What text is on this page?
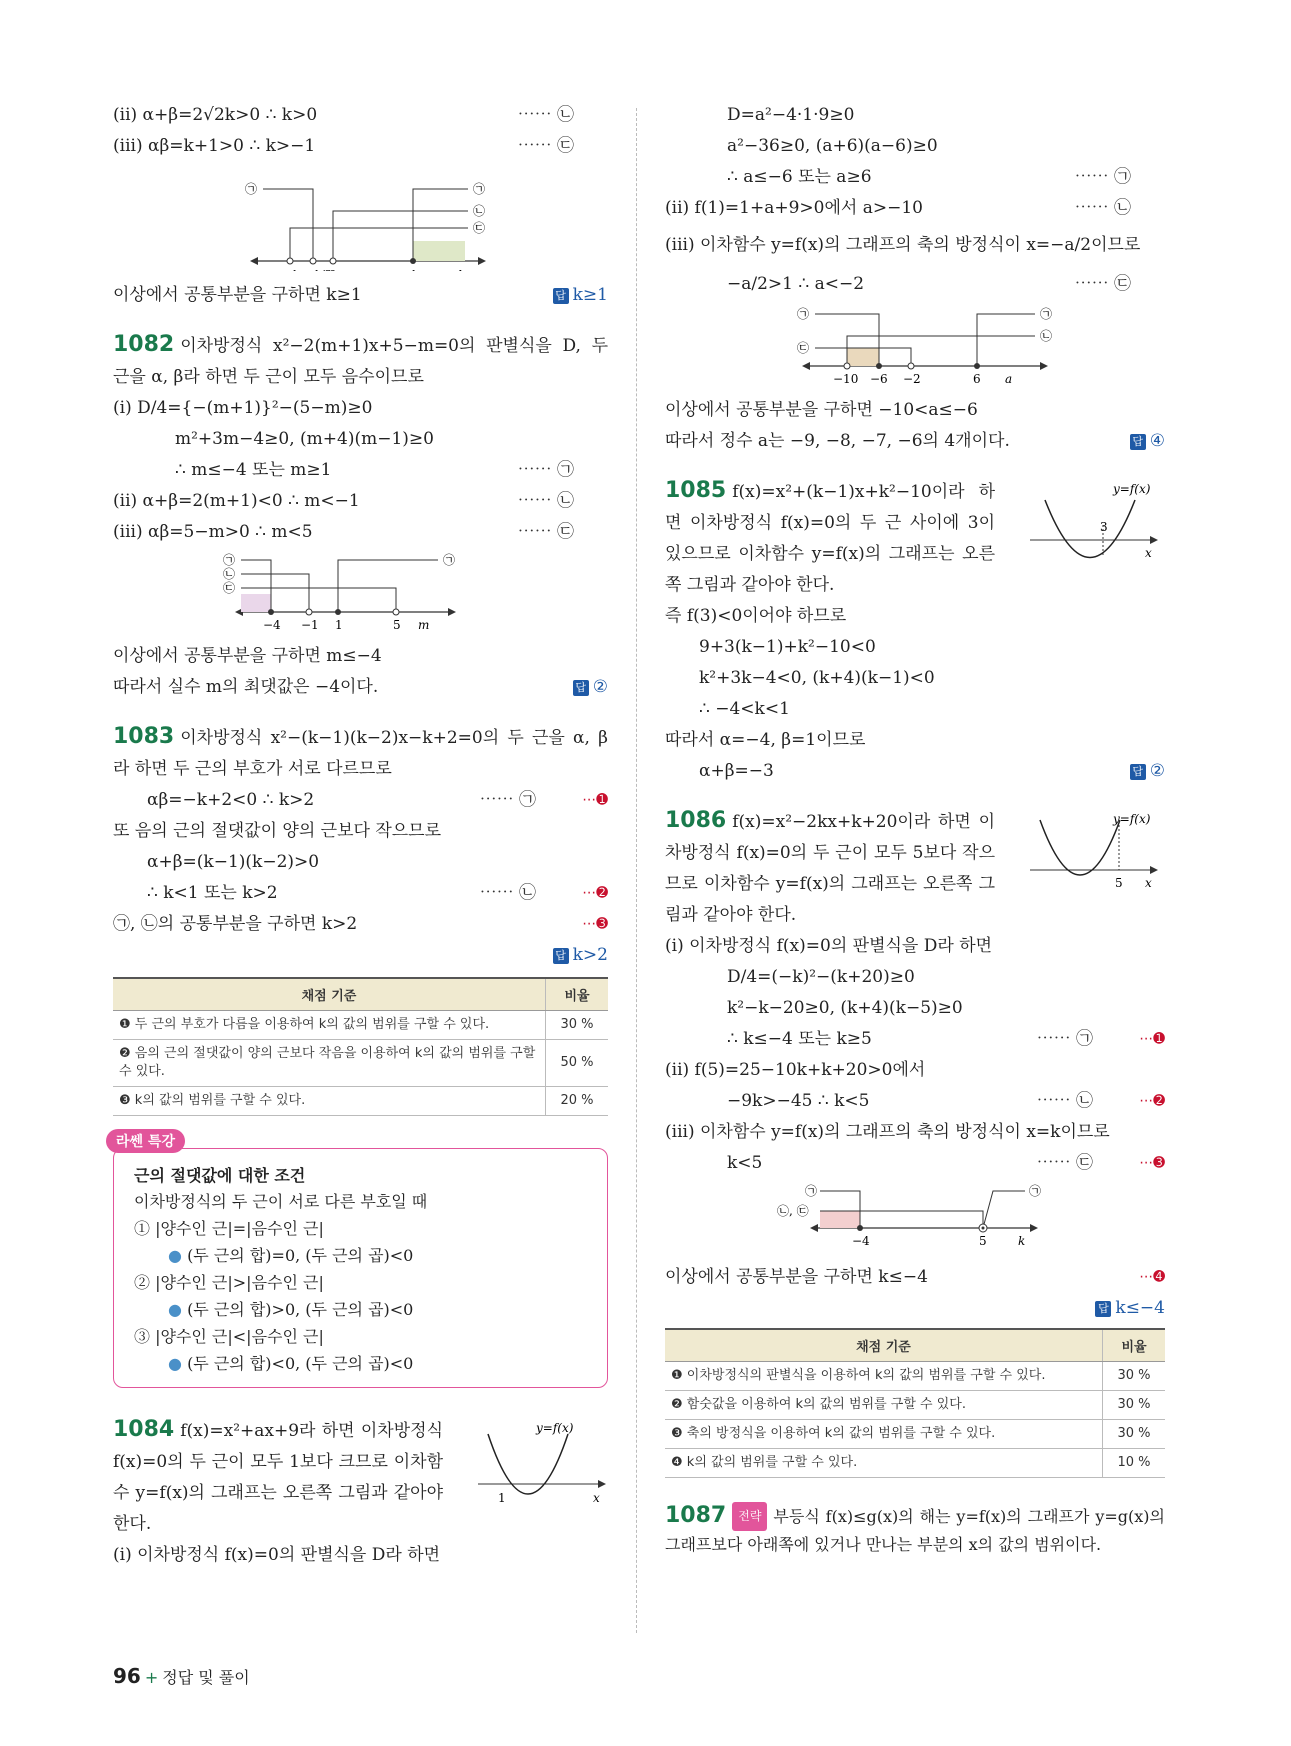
(ii) α+β=2√2k>0 ∴ k>0	⋯⋯ ㉡
(iii) αβ=k+1>0 ∴ k>−1	⋯⋯ ㉢
㉠	㉠
㉡
㉢
이상에서 공통부분을 구하면 k≥1	답 k≥1
1082 이차방정식 x²−2(m+1)x+5−m=0의 판별식을 D, 두 근을 α, β라 하면 두 근이 모두 음수이므로
(i) D/4={−(m+1)}²−(5−m)≥0
m²+3m−4≥0, (m+4)(m−1)≥0
∴ m≤−4 또는 m≥1	⋯⋯ ㉠
(ii) α+β=2(m+1)<0 ∴ m<−1	⋯⋯ ㉡
(iii) αβ=5−m>0 ∴ m<5	⋯⋯ ㉢
㉠
㉡
㉢
㉠
−4 −1 1	5 m
이상에서 공통부분을 구하면 m≤−4
따라서 실수 m의 최댓값은 −4이다.	답 ②
1083 이차방정식 x²−(k−1)(k−2)x−k+2=0의 두 근을 α, β라 하면 두 근의 부호가 서로 다르므로
αβ=−k+2<0 ∴ k>2	⋯⋯ ㉠	⋯➊
또 음의 근의 절댓값이 양의 근보다 작으므로
α+β=(k−1)(k−2)>0
∴ k<1 또는 k>2	⋯⋯ ㉡	⋯➋
㉠, ㉡의 공통부분을 구하면 k>2	⋯➌
답 k>2
채점 기준	비율
❶ 두 근의 부호가 다름을 이용하여 k의 값의 범위를 구할 수 있다.	30 %
❷ 음의 근의 절댓값이 양의 근보다 작음을 이용하여 k의 값의 범위를 구할 수 있다.	50 %
❸ k의 값의 범위를 구할 수 있다.	20 %
라쎈 특강
근의 절댓값에 대한 조건
이차방정식의 두 근이 서로 다른 부호일 때
① |양수인 근|=|음수인 근|
● (두 근의 합)=0, (두 근의 곱)<0
② |양수인 근|>|음수인 근|
● (두 근의 합)>0, (두 근의 곱)<0
③ |양수인 근|<|음수인 근|
● (두 근의 합)<0, (두 근의 곱)<0
y=f(x)
1	x
1084 f(x)=x²+ax+9라 하면 이차방정식 f(x)=0의 두 근이 모두 1보다 크므로 이차함수 y=f(x)의 그래프는 오른쪽 그림과 같아야 한다.
(i) 이차방정식 f(x)=0의 판별식을 D라 하면
D=a²−4·1·9≥0
a²−36≥0, (a+6)(a−6)≥0
∴ a≤−6 또는 a≥6	⋯⋯ ㉠
(ii) f(1)=1+a+9>0에서 a>−10	⋯⋯ ㉡
(iii) 이차함수 y=f(x)의 그래프의 축의 방정식이 x=−a/2이므로
−a/2>1 ∴ a<−2	⋯⋯ ㉢
㉠
㉢
㉠
㉡
−10 −6 −2	6 a
이상에서 공통부분을 구하면 −10<a≤−6
따라서 정수 a는 −9, −8, −7, −6의 4개이다.	답 ④
y=f(x)
3
x
1085 f(x)=x²+(k−1)x+k²−10이라 하면 이차방정식 f(x)=0의 두 근 사이에 3이 있으므로 이차함수 y=f(x)의 그래프는 오른쪽 그림과 같아야 한다.
즉 f(3)<0이어야 하므로
9+3(k−1)+k²−10<0
k²+3k−4<0, (k+4)(k−1)<0
∴ −4<k<1
따라서 α=−4, β=1이므로
α+β=−3	답 ②
y=f(x)
5 x
1086 f(x)=x²−2kx+k+20이라 하면 이차방정식 f(x)=0의 두 근이 모두 5보다 작으므로 이차함수 y=f(x)의 그래프는 오른쪽 그림과 같아야 한다.
(i) 이차방정식 f(x)=0의 판별식을 D라 하면
D/4=(−k)²−(k+20)≥0
k²−k−20≥0, (k+4)(k−5)≥0
∴ k≤−4 또는 k≥5	⋯⋯ ㉠	⋯➊
(ii) f(5)=25−10k+k+20>0에서
−9k>−45 ∴ k<5	⋯⋯ ㉡	⋯➋
(iii) 이차함수 y=f(x)의 그래프의 축의 방정식이 x=k이므로
k<5	⋯⋯ ㉢	⋯➌
㉠
㉡, ㉢
㉠
−4	5	k
이상에서 공통부분을 구하면 k≤−4	⋯➍
답 k≤−4
채점 기준	비율
❶ 이차방정식의 판별식을 이용하여 k의 값의 범위를 구할 수 있다.	30 %
❷ 함숫값을 이용하여 k의 값의 범위를 구할 수 있다.	30 %
❸ 축의 방정식을 이용하여 k의 값의 범위를 구할 수 있다.	30 %
❹ k의 값의 범위를 구할 수 있다.	10 %
1087 전략 부등식 f(x)≤g(x)의 해는 y=f(x)의 그래프가 y=g(x)의 그래프보다 아래쪽에 있거나 만나는 부분의 x의 값의 범위이다.
96 + 정답 및 풀이
